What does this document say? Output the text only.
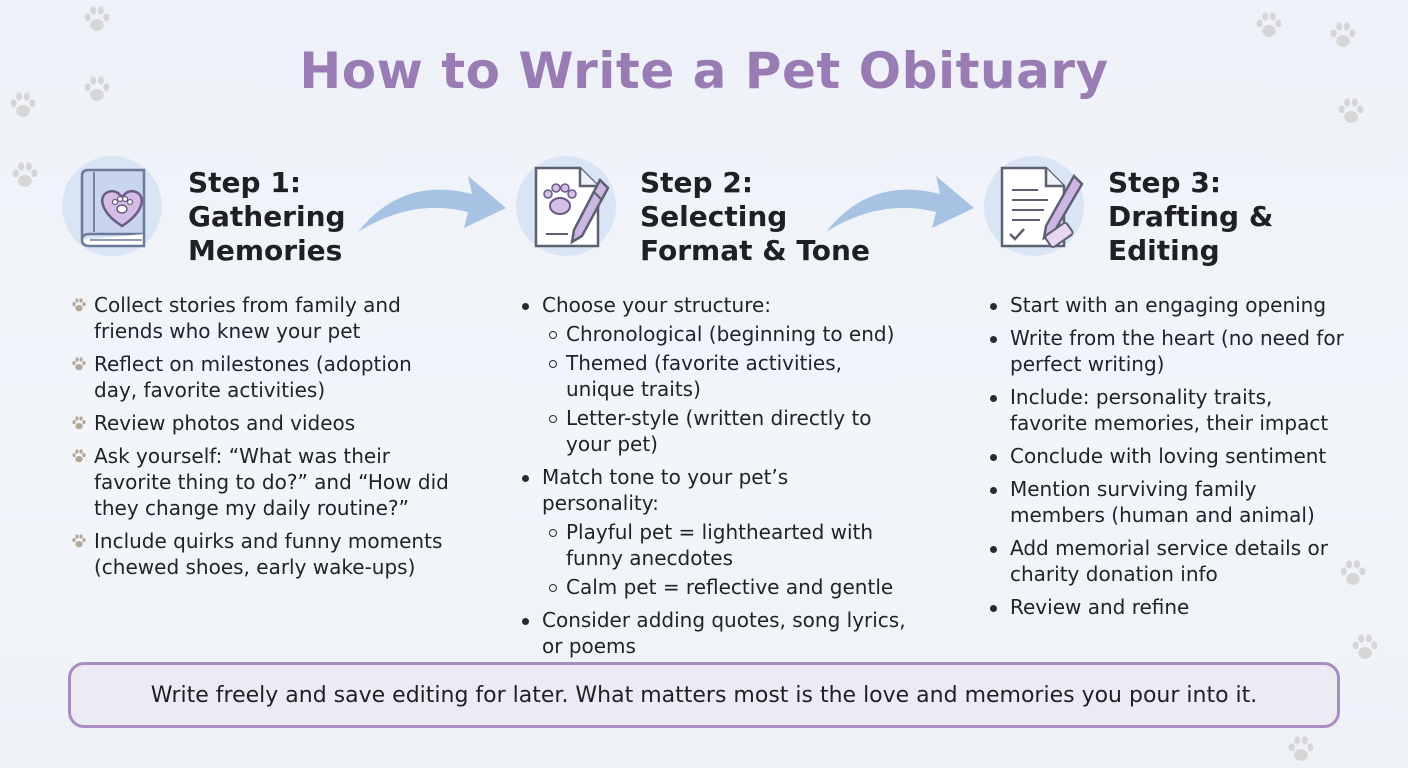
How to Write a Pet Obituary
Step 1:
Gathering
Memories
Collect stories from family and friends who knew your pet
Reflect on milestones (adoption day, favorite activities)
Review photos and videos
Ask yourself: “What was their favorite thing to do?” and “How did they change my daily routine?”
Include quirks and funny moments (chewed shoes, early wake-ups)
Step 2:
Selecting
Format & Tone
Choose your structure:
Chronological (beginning to end)
Themed (favorite activities, unique traits)
Letter-style (written directly to your pet)
Match tone to your pet’s personality:
Playful pet = lighthearted with funny anecdotes
Calm pet = reflective and gentle
Consider adding quotes, song lyrics, or poems
Step 3:
Drafting &
Editing
Start with an engaging opening
Write from the heart (no need for perfect writing)
Include: personality traits, favorite memories, their impact
Conclude with loving sentiment
Mention surviving family members (human and animal)
Add memorial service details or charity donation info
Review and refine
Write freely and save editing for later. What matters most is the love and memories you pour into it.
